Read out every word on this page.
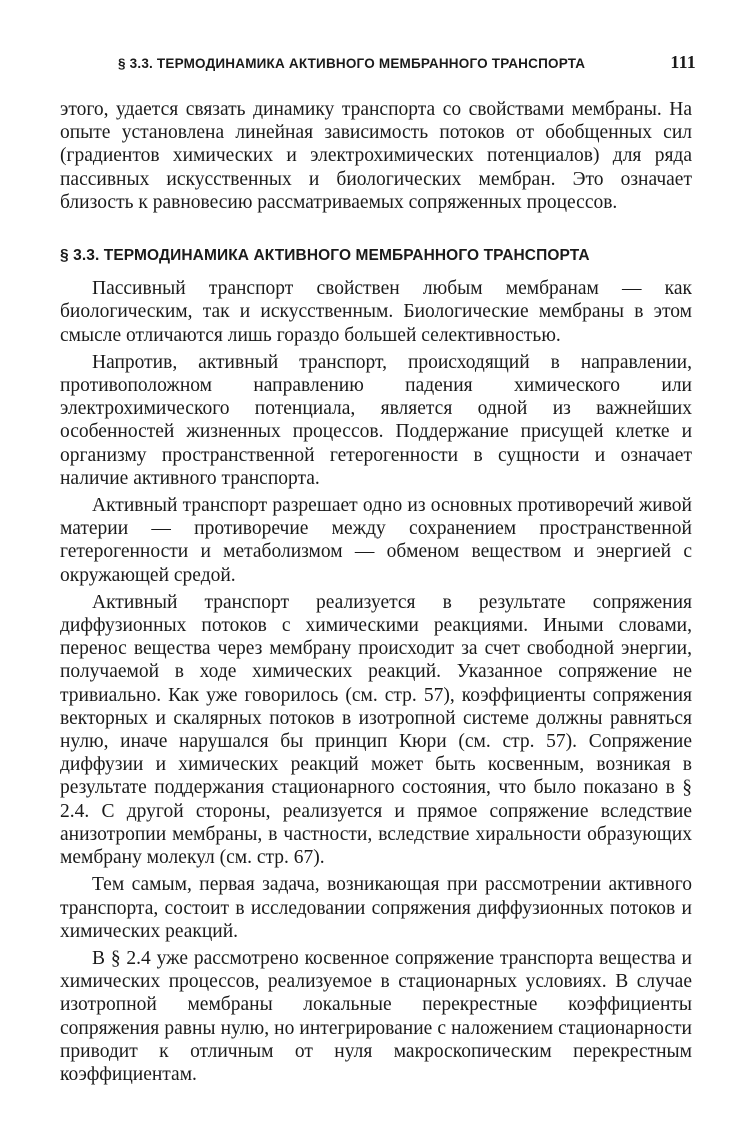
§ 3.3. ТЕРМОДИНАМИКА АКТИВНОГО МЕМБРАННОГО ТРАНСПОРТА	111

этого, удается связать динамику транспорта со свойствами мембраны. На опыте установлена линейная зависимость потоков от обобщенных сил (градиентов химических и электрохимических потенциалов) для ряда пассивных искусственных и биологических мембран. Это означает близость к равновесию рассматриваемых сопряженных процессов.

§ 3.3. ТЕРМОДИНАМИКА АКТИВНОГО МЕМБРАННОГО ТРАНСПОРТА

Пассивный транспорт свойствен любым мембранам — как биологическим, так и искусственным. Биологические мембраны в этом смысле отличаются лишь гораздо большей селективностью.

Напротив, активный транспорт, происходящий в направлении, противоположном направлению падения химического или электрохимического потенциала, является одной из важнейших особенностей жизненных процессов. Поддержание присущей клетке и организму пространственной гетерогенности в сущности и означает наличие активного транспорта.

Активный транспорт разрешает одно из основных противоречий живой материи — противоречие между сохранением пространственной гетерогенности и метаболизмом — обменом веществом и энергией с окружающей средой.

Активный транспорт реализуется в результате сопряжения диффузионных потоков с химическими реакциями. Иными словами, перенос вещества через мембрану происходит за счет свободной энергии, получаемой в ходе химических реакций. Указанное сопряжение не тривиально. Как уже говорилось (см. стр. 57), коэффициенты сопряжения векторных и скалярных потоков в изотропной системе должны равняться нулю, иначе нарушался бы принцип Кюри (см. стр. 57). Сопряжение диффузии и химических реакций может быть косвенным, возникая в результате поддержания стационарного состояния, что было показано в § 2.4. С другой стороны, реализуется и прямое сопряжение вследствие анизотропии мембраны, в частности, вследствие хиральности образующих мембрану молекул (см. стр. 67).

Тем самым, первая задача, возникающая при рассмотрении активного транспорта, состоит в исследовании сопряжения диффузионных потоков и химических реакций.

В § 2.4 уже рассмотрено косвенное сопряжение транспорта вещества и химических процессов, реализуемое в стационарных условиях. В случае изотропной мембраны локальные перекрестные коэффициенты сопряжения равны нулю, но интегрирование с наложением стационарности приводит к отличным от нуля макроскопическим перекрестным коэффициентам.
